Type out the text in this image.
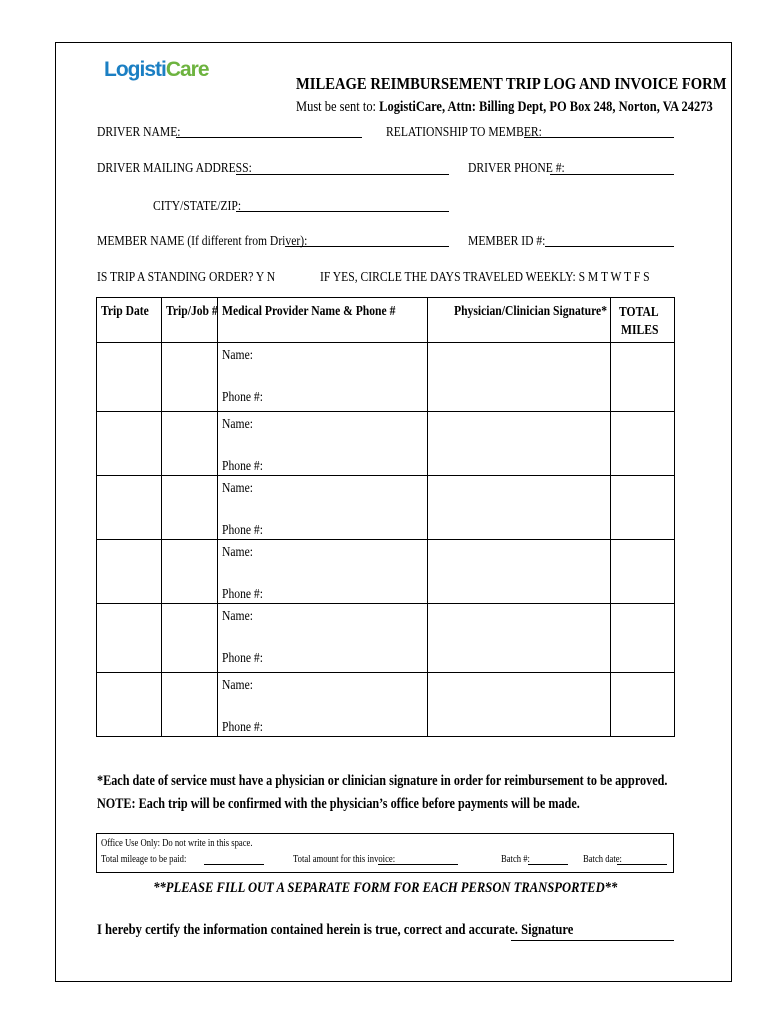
LogistiCare
MILEAGE REIMBURSEMENT TRIP LOG AND INVOICE FORM
Must be sent to: LogistiCare, Attn: Billing Dept, PO Box 248, Norton, VA 24273
DRIVER NAME:	RELATIONSHIP TO MEMBER:
DRIVER MAILING ADDRESS:	DRIVER PHONE #:
CITY/STATE/ZIP:
MEMBER NAME (If different from Driver):	MEMBER ID #:
IS TRIP A STANDING ORDER? Y N	IF YES, CIRCLE THE DAYS TRAVELED WEEKLY: S M T W T F S
Trip Date	Trip/Job #	Medical Provider Name & Phone #	Physician/Clinician Signature*	TOTAL
MILES

		Name:
Phone #:		

		Name:
Phone #:		

		Name:
Phone #:		

		Name:
Phone #:		

		Name:
Phone #:		

		Name:
Phone #:		

*Each date of service must have a physician or clinician signature in order for reimbursement to be approved.
NOTE: Each trip will be confirmed with the physician’s office before payments will be made.
Office Use Only: Do not write in this space.
Total mileage to be paid:	Total amount for this invoice:	Batch #:	Batch date:
**PLEASE FILL OUT A SEPARATE FORM FOR EACH PERSON TRANSPORTED**
I hereby certify the information contained herein is true, correct and accurate. Signature
